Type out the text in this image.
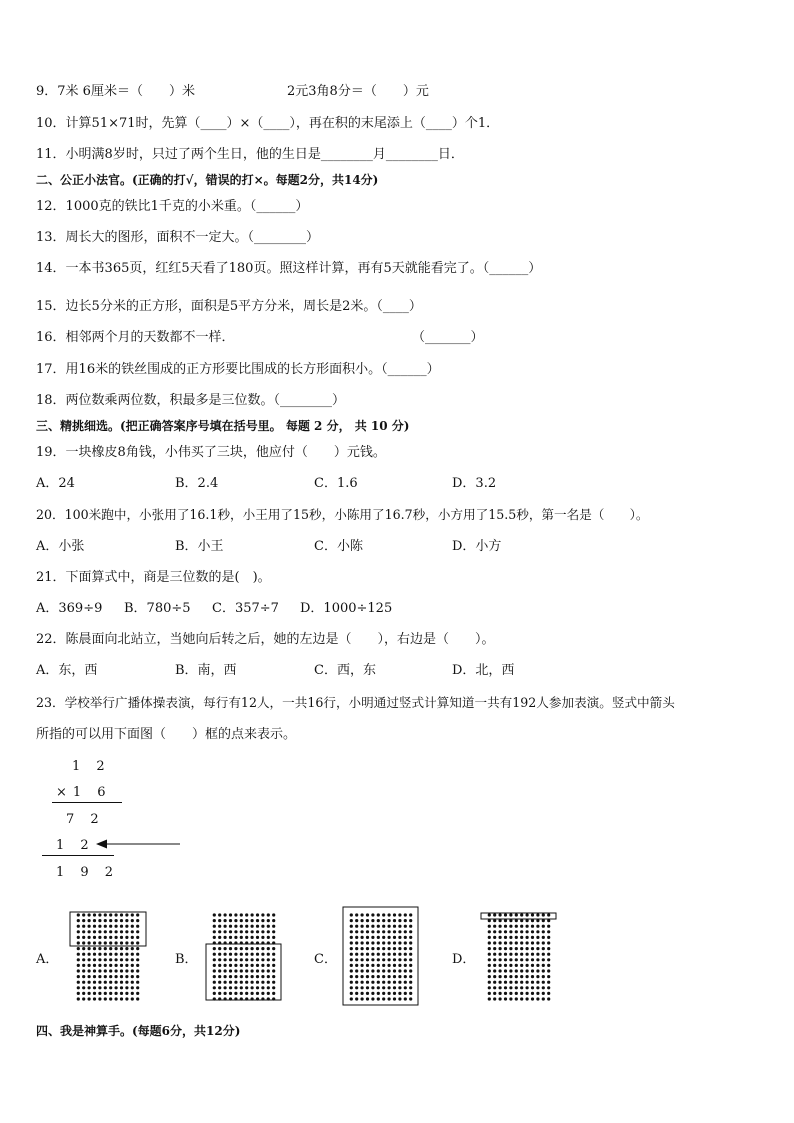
9．7米 6厘米＝（　　）米	2元3角8分＝（　　）元
10．计算51×71时，先算（____）×（____），再在积的末尾添上（____）个1．
11．小明满8岁时，只过了两个生日，他的生日是________月________日．
二、公正小法官。(正确的打√，错误的打×。每题2分，共14分)
12．1000克的铁比1千克的小米重。（______）
13．周长大的图形，面积不一定大。（________）
14．一本书365页，红红5天看了180页。照这样计算，再有5天就能看完了。（______）
15．边长5分米的正方形，面积是5平方分米，周长是2米。（____）
16．相邻两个月的天数都不一样．	（_______）
17．用16米的铁丝围成的正方形要比围成的长方形面积小。（______）
18．两位数乘两位数，积最多是三位数。（________）
三、精挑细选。(把正确答案序号填在括号里。 每题 2 分， 共 10 分)
19．一块橡皮8角钱，小伟买了三块，他应付（　　）元钱。
A．24	B．2.4	C．1.6	D．3.2
20．100米跑中，小张用了16.1秒，小王用了15秒，小陈用了16.7秒，小方用了15.5秒，第一名是（　　）。
A．小张	B．小王	C．小陈	D．小方
21．下面算式中，商是三位数的是(　)。
A．369÷9 B．780÷5 C．357÷7 D．1000÷125
22．陈晨面向北站立，当她向后转之后，她的左边是（　　），右边是（　　）。
A．东，西	B．南，西	C．西，东	D．北，西
23．学校举行广播体操表演，每行有12人，一共16行，小明通过竖式计算知道一共有192人参加表演。竖式中箭头
所指的可以用下面图（　　）框的点来表示。
1 2
×1 6
7 2
1 2
1 9 2
A．	B．	C．	D．
四、我是神算手。(每题6分，共12分)
